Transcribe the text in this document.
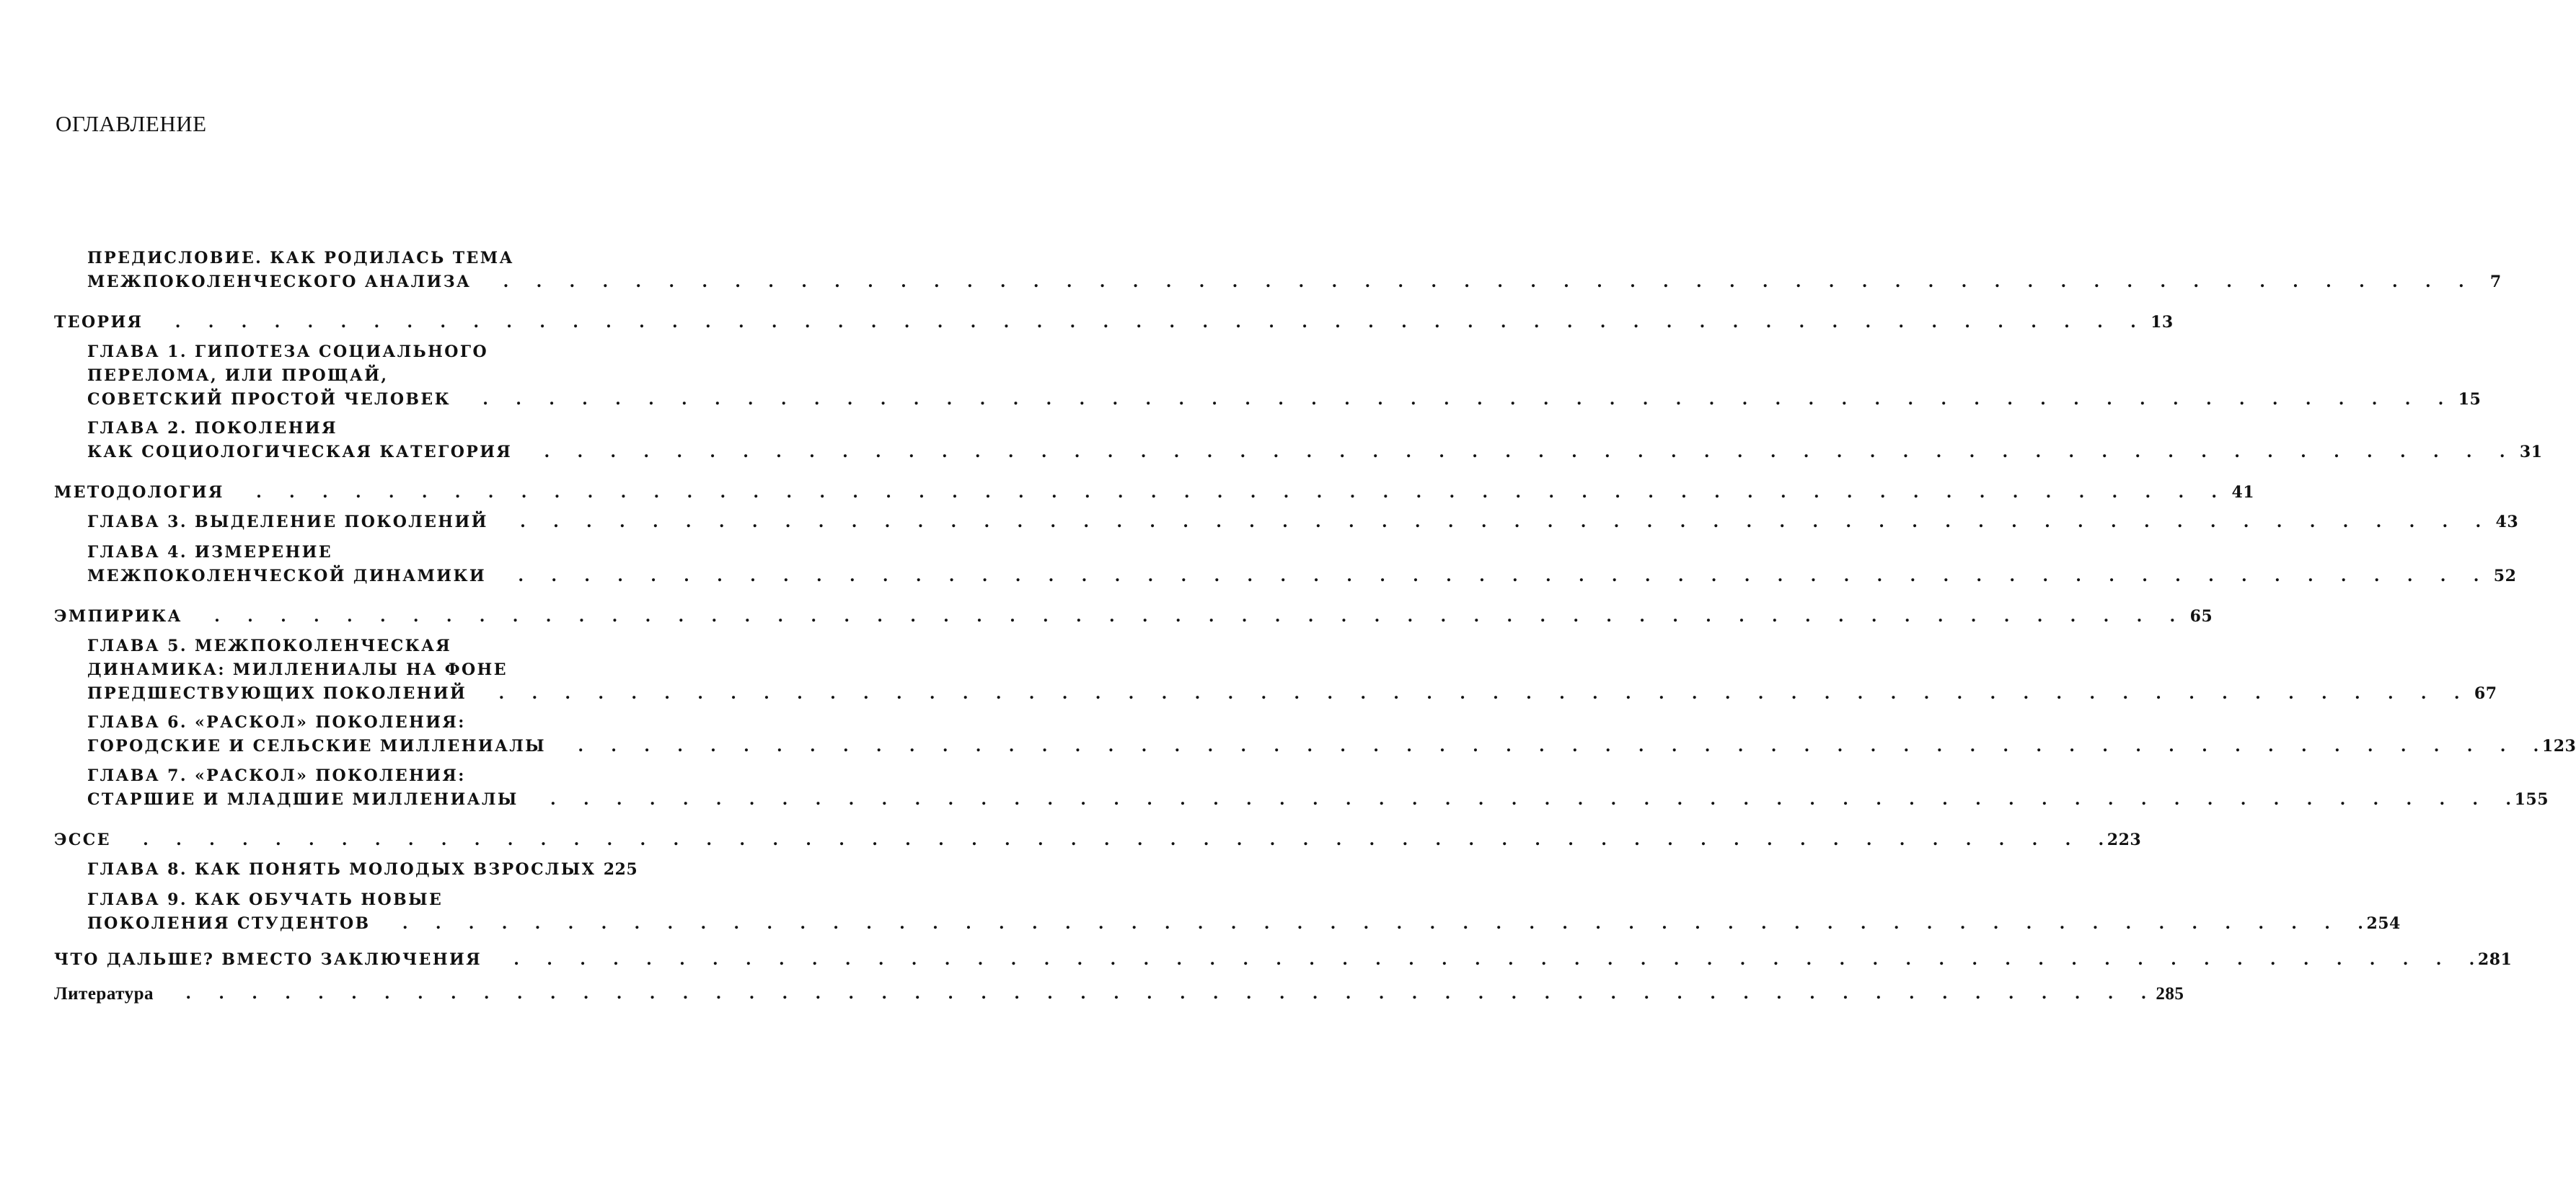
ОГЛАВЛЕНИЕ
ПРЕДИСЛОВИЕ. КАК РОДИЛАСЬ ТЕМА
МЕЖПОКОЛЕНЧЕСКОГО АНАЛИЗА .     .     .     .     .     .     .     .     .     .     .     .     .     .     .     .     .     .     .     .     .     .     .     .     .     .     .     .     .     .     .     .     .     .     .     .     .     .     .     .     .     .     .     .     .     .     .     .     .     .     .     .     .     .     .     .     .     .     .     .	7
ТЕОРИЯ .     .     .     .     .     .     .     .     .     .     .     .     .     .     .     .     .     .     .     .     .     .     .     .     .     .     .     .     .     .     .     .     .     .     .     .     .     .     .     .     .     .     .     .     .     .     .     .     .     .     .     .     .     .     .     .     .     .     .     . 13
ГЛАВА 1. ГИПОТЕЗА СОЦИАЛЬНОГО
ПЕРЕЛОМА, ИЛИ ПРОЩАЙ,
СОВЕТСКИЙ ПРОСТОЙ ЧЕЛОВЕК .     .     .     .     .     .     .     .     .     .     .     .     .     .     .     .     .     .     .     .     .     .     .     .     .     .     .     .     .     .     .     .     .     .     .     .     .     .     .     .     .     .     .     .     .     .     .     .     .     .     .     .     .     .     .     .     .     .     .     . 15
ГЛАВА 2. ПОКОЛЕНИЯ
КАК СОЦИОЛОГИЧЕСКАЯ КАТЕГОРИЯ .     .     .     .     .     .     .     .     .     .     .     .     .     .     .     .     .     .     .     .     .     .     .     .     .     .     .     .     .     .     .     .     .     .     .     .     .     .     .     .     .     .     .     .     .     .     .     .     .     .     .     .     .     .     .     .     .     .     .     . 31
МЕТОДОЛОГИЯ .     .     .     .     .     .     .     .     .     .     .     .     .     .     .     .     .     .     .     .     .     .     .     .     .     .     .     .     .     .     .     .     .     .     .     .     .     .     .     .     .     .     .     .     .     .     .     .     .     .     .     .     .     .     .     .     .     .     .     . 41
ГЛАВА 3. ВЫДЕЛЕНИЕ ПОКОЛЕНИЙ .     .     .     .     .     .     .     .     .     .     .     .     .     .     .     .     .     .     .     .     .     .     .     .     .     .     .     .     .     .     .     .     .     .     .     .     .     .     .     .     .     .     .     .     .     .     .     .     .     .     .     .     .     .     .     .     .     .     .     . 43
ГЛАВА 4. ИЗМЕРЕНИЕ
МЕЖПОКОЛЕНЧЕСКОЙ ДИНАМИКИ .     .     .     .     .     .     .     .     .     .     .     .     .     .     .     .     .     .     .     .     .     .     .     .     .     .     .     .     .     .     .     .     .     .     .     .     .     .     .     .     .     .     .     .     .     .     .     .     .     .     .     .     .     .     .     .     .     .     .     . 52
ЭМПИРИКА .     .     .     .     .     .     .     .     .     .     .     .     .     .     .     .     .     .     .     .     .     .     .     .     .     .     .     .     .     .     .     .     .     .     .     .     .     .     .     .     .     .     .     .     .     .     .     .     .     .     .     .     .     .     .     .     .     .     .     . 65
ГЛАВА 5. МЕЖПОКОЛЕНЧЕСКАЯ
ДИНАМИКА: МИЛЛЕНИАЛЫ НА ФОНЕ
ПРЕДШЕСТВУЮЩИХ ПОКОЛЕНИЙ .     .     .     .     .     .     .     .     .     .     .     .     .     .     .     .     .     .     .     .     .     .     .     .     .     .     .     .     .     .     .     .     .     .     .     .     .     .     .     .     .     .     .     .     .     .     .     .     .     .     .     .     .     .     .     .     .     .     .     . 67
ГЛАВА 6. «РАСКОЛ» ПОКОЛЕНИЯ:
ГОРОДСКИЕ И СЕЛЬСКИЕ МИЛЛЕНИАЛЫ .     .     .     .     .     .     .     .     .     .     .     .     .     .     .     .     .     .     .     .     .     .     .     .     .     .     .     .     .     .     .     .     .     .     .     .     .     .     .     .     .     .     .     .     .     .     .     .     .     .     .     .     .     .     .     .     .     .     .     . 123
ГЛАВА 7. «РАСКОЛ» ПОКОЛЕНИЯ:
СТАРШИЕ И МЛАДШИЕ МИЛЛЕНИАЛЫ .     .     .     .     .     .     .     .     .     .     .     .     .     .     .     .     .     .     .     .     .     .     .     .     .     .     .     .     .     .     .     .     .     .     .     .     .     .     .     .     .     .     .     .     .     .     .     .     .     .     .     .     .     .     .     .     .     .     .     . 155
ЭССЕ .     .     .     .     .     .     .     .     .     .     .     .     .     .     .     .     .     .     .     .     .     .     .     .     .     .     .     .     .     .     .     .     .     .     .     .     .     .     .     .     .     .     .     .     .     .     .     .     .     .     .     .     .     .     .     .     .     .     .     . 223
ГЛАВА 8. КАК ПОНЯТЬ МОЛОДЫХ ВЗРОСЛЫХ 225
ГЛАВА 9. КАК ОБУЧАТЬ НОВЫЕ
ПОКОЛЕНИЯ СТУДЕНТОВ .     .     .     .     .     .     .     .     .     .     .     .     .     .     .     .     .     .     .     .     .     .     .     .     .     .     .     .     .     .     .     .     .     .     .     .     .     .     .     .     .     .     .     .     .     .     .     .     .     .     .     .     .     .     .     .     .     .     .     . 254
ЧТО ДАЛЬШЕ? ВМЕСТО ЗАКЛЮЧЕНИЯ .     .     .     .     .     .     .     .     .     .     .     .     .     .     .     .     .     .     .     .     .     .     .     .     .     .     .     .     .     .     .     .     .     .     .     .     .     .     .     .     .     .     .     .     .     .     .     .     .     .     .     .     .     .     .     .     .     .     .     . 281
Литература .     .     .     .     .     .     .     .     .     .     .     .     .     .     .     .     .     .     .     .     .     .     .     .     .     .     .     .     .     .     .     .     .     .     .     .     .     .     .     .     .     .     .     .     .     .     .     .     .     .     .     .     .     .     .     .     .     .     .     . 285
